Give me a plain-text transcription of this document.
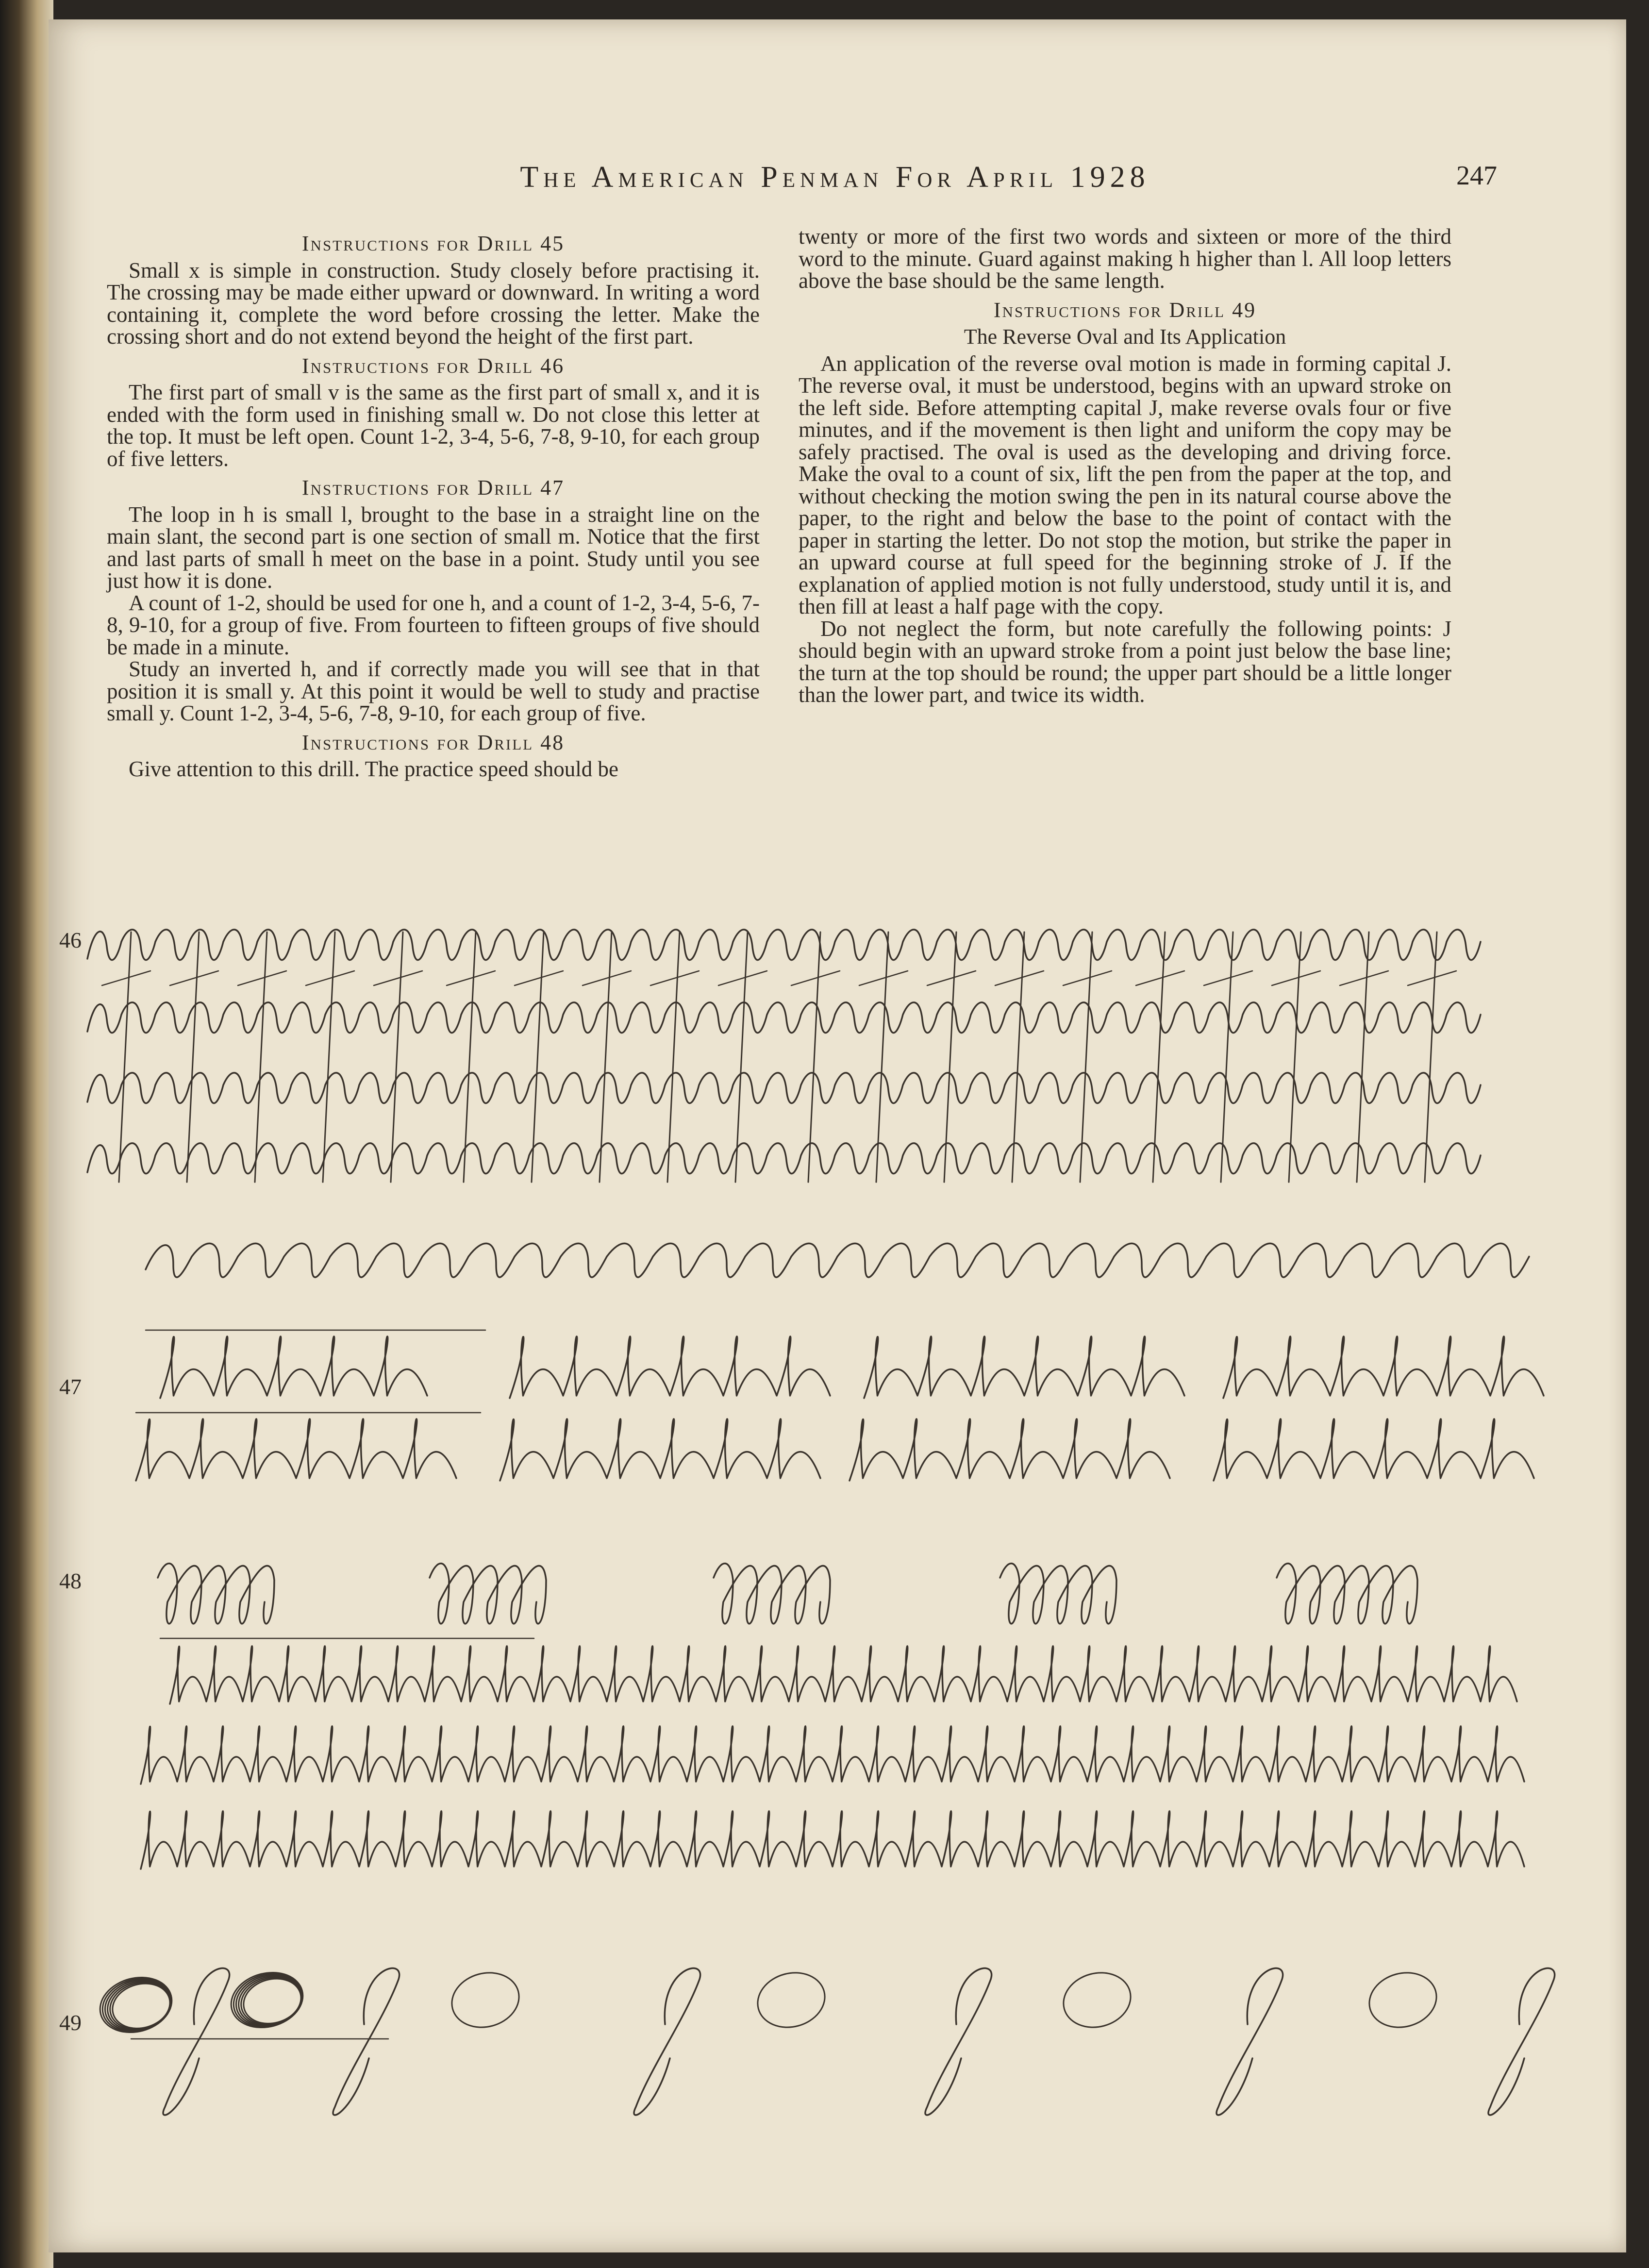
The American Penman For April 1928	247
Instructions for Drill 45

Small x is simple in construction. Study closely before practising it. The crossing may be made either upward or downward. In writing a word containing it, complete the word before crossing the letter. Make the crossing short and do not extend beyond the height of the first part.

Instructions for Drill 46

The first part of small v is the same as the first part of small x, and it is ended with the form used in finishing small w. Do not close this letter at the top. It must be left open. Count 1-2, 3-4, 5-6, 7-8, 9-10, for each group of five letters.

Instructions for Drill 47

The loop in h is small l, brought to the base in a straight line on the main slant, the second part is one section of small m. Notice that the first and last parts of small h meet on the base in a point. Study until you see just how it is done.

A count of 1-2, should be used for one h, and a count of 1-2, 3-4, 5-6, 7-8, 9-10, for a group of five. From fourteen to fifteen groups of five should be made in a minute.

Study an inverted h, and if correctly made you will see that in that position it is small y. At this point it would be well to study and practise small y. Count 1-2, 3-4, 5-6, 7-8, 9-10, for each group of five.

Instructions for Drill 48

Give attention to this drill. The practice speed should be

twenty or more of the first two words and sixteen or more of the third word to the minute. Guard against making h higher than l. All loop letters above the base should be the same length.

Instructions for Drill 49
The Reverse Oval and Its Application

An application of the reverse oval motion is made in forming capital J. The reverse oval, it must be understood, begins with an upward stroke on the left side. Before attempting capital J, make reverse ovals four or five minutes, and if the movement is then light and uniform the copy may be safely practised. The oval is used as the developing and driving force. Make the oval to a count of six, lift the pen from the paper at the top, and without checking the motion swing the pen in its natural course above the paper, to the right and below the base to the point of contact with the paper in starting the letter. Do not stop the motion, but strike the paper in an upward course at full speed for the beginning stroke of J. If the explanation of applied motion is not fully understood, study until it is, and then fill at least a half page with the copy.

Do not neglect the form, but note carefully the following points: J should begin with an upward stroke from a point just below the base line; the turn at the top should be round; the upper part should be a little longer than the lower part, and twice its width.

46
47
48
49
